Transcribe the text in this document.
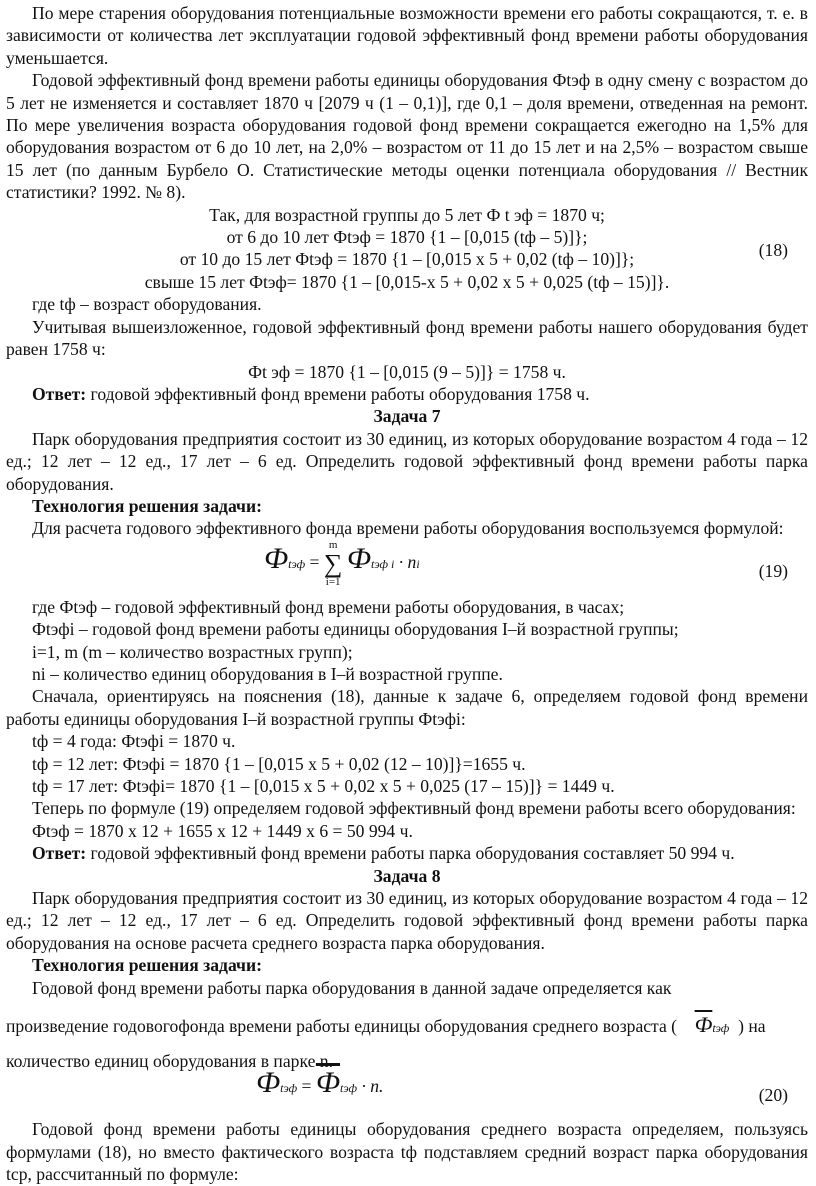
По мере старения оборудования потенциальные возможности времени его работы сокращаются, т. е. в зависимости от количества лет эксплуатации годовой эффективный фонд времени работы оборудования уменьшается.

Годовой эффективный фонд времени работы единицы оборудования Фtэф в одну смену с возрастом до 5 лет не изменяется и составляет 1870 ч [2079 ч (1 – 0,1)], где 0,1 – доля времени, отведенная на ремонт. По мере увеличения возраста оборудования годовой фонд времени сокращается ежегодно на 1,5% для оборудования возрастом от 6 до 10 лет, на 2,0% – возрастом от 11 до 15 лет и на 2,5% – возрастом свыше 15 лет (по данным Бурбело О. Статистические методы оценки потенциала оборудования // Вестник статистики? 1992. № 8).

Так, для возрастной группы до 5 лет Ф t эф = 1870 ч;

от 6 до 10 лет Фtэф = 1870 {1 – [0,015 (tф – 5)]};

от 10 до 15 лет Фtэф = 1870 {1 – [0,015 х 5 + 0,02 (tф – 10)]};

свыше 15 лет Фtэф= 1870 {1 – [0,015-х 5 + 0,02 х 5 + 0,025 (tф – 15)]}.

(18)

где tф – возраст оборудования.

Учитывая вышеизложенное, годовой эффективный фонд времени работы нашего оборудования будет равен 1758 ч:

Фt эф = 1870 {1 – [0,015 (9 – 5)]} = 1758 ч.

Ответ: годовой эффективный фонд времени работы оборудования 1758 ч.

Задача 7

Парк оборудования предприятия состоит из 30 единиц, из которых оборудование возрастом 4 года – 12 ед.; 12 лет – 12 ед., 17 лет – 6 ед. Определить годовой эффективный фонд времени работы парка оборудования.

Технология решения задачи:

Для расчета годового эффективного фонда времени работы оборудования воспользуемся формулой:

Фtэф = m
∑
i=1 Фtэф i · ni	(19)

где Фtэф – годовой эффективный фонд времени работы оборудования, в часах;

Фtэфi – годовой фонд времени работы единицы оборудования I–й возрастной группы;

i=1, m (m – количество возрастных групп);

ni – количество единиц оборудования в I–й возрастной группе.

Сначала, ориентируясь на пояснения (18), данные к задаче 6, определяем годовой фонд времени работы единицы оборудования I–й возрастной группы Фtэфi:

tф = 4 года: Фtэфi = 1870 ч.

tф = 12 лет: Фtэфi = 1870 {1 – [0,015 х 5 + 0,02 (12 – 10)]}=1655 ч.

tф = 17 лет: Фtэфi= 1870 {1 – [0,015 х 5 + 0,02 х 5 + 0,025 (17 – 15)]} = 1449 ч.

Теперь по формуле (19) определяем годовой эффективный фонд времени работы всего оборудования:

Фtэф = 1870 х 12 + 1655 х 12 + 1449 х 6 = 50 994 ч.

Ответ: годовой эффективный фонд времени работы парка оборудования составляет 50 994 ч.

Задача 8

Парк оборудования предприятия состоит из 30 единиц, из которых оборудование возрастом 4 года – 12 ед.; 12 лет – 12 ед., 17 лет – 6 ед. Определить годовой эффективный фонд времени работы парка оборудования на основе расчета среднего возраста парка оборудования.

Технология решения задачи:

Годовой фонд времени работы парка оборудования в данной задаче определяется как

произведение годовогофонда времени работы единицы оборудования среднего возраста ( Фtэф ) на

количество единиц оборудования в парке n.

Фtэф = Фtэф · n.	(20)

Годовой фонд времени работы единицы оборудования среднего возраста определяем, пользуясь формулами (18), но вместо фактического возраста tф подставляем средний возраст парка оборудования tср, рассчитанный по формуле:
